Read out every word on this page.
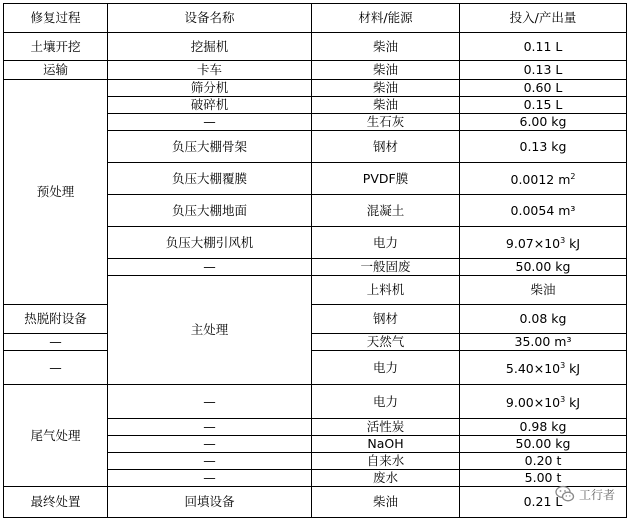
修复过程	设备名称	材料/能源	投入/产出量	
土壤开挖	挖掘机	柴油	0.11 L	
运输	卡车	柴油	0.13 L	
预处理	筛分机	柴油	0.60 L	
	破碎机	柴油	0.15 L	
	—	生石灰	6.00 kg	
	负压大棚骨架	钢材	0.13 kg	
	负压大棚覆膜	PVDF膜	0.0012 $m^2$
	负压大棚地面	混凝土	0.0054 m³	
	负压大棚引风机	电力	$9.07\times 10^3$ kJ	
	—	一般固废	50.00 kg	
	主处理	上料机	柴油	
热脱附设备		钢材	0.08 kg	
—		天然气	35.00 m³	
—		电力	$5.40\times 10^3$ kJ	
尾气处理	—	电力	$9.00\times 10^3$ kJ	
	—	活性炭	0.98 kg	
	—	NaOH	50.00 kg	
	—	自来水	0.20 t	
	—	废水	5.00 t	
最终处置	回填设备	柴油	0.21 L	工行者
